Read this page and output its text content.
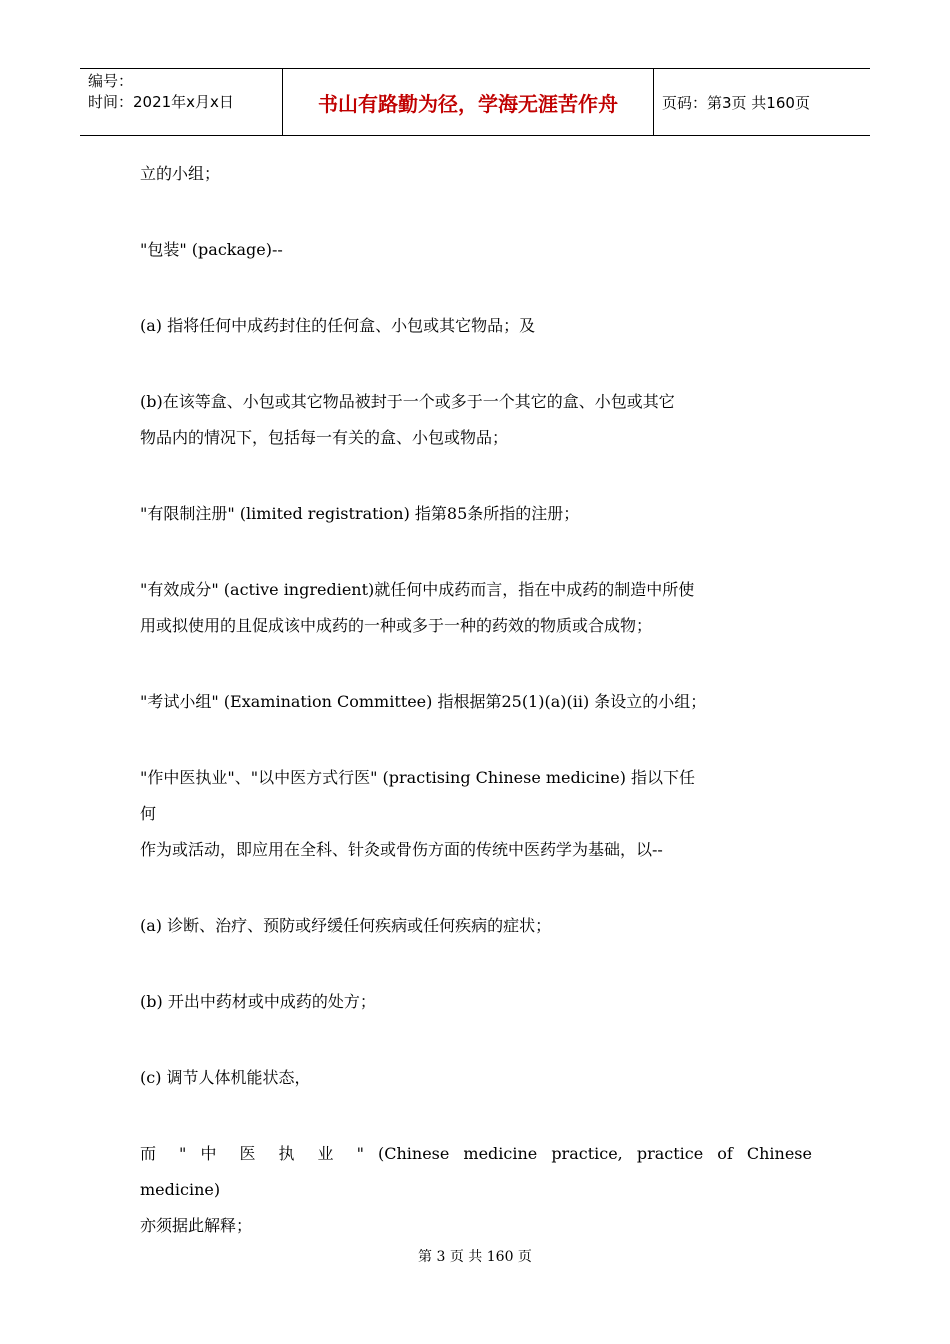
编号：
时间：2021年x月x日	书山有路勤为径，学海无涯苦作舟	页码：第3页 共160页

立的小组；

"包装" (package)--

(a) 指将任何中成药封住的任何盒、小包或其它物品；及

(b)在该等盒、小包或其它物品被封于一个或多于一个其它的盒、小包或其它
物品内的情况下，包括每一有关的盒、小包或物品；

"有限制注册" (limited registration) 指第85条所指的注册；

"有效成分" (active ingredient)就任何中成药而言，指在中成药的制造中所使
用或拟使用的且促成该中成药的一种或多于一种的药效的物质或合成物；

"考试小组" (Examination Committee) 指根据第25(1)(a)(ii) 条设立的小组；

"作中医执业"、"以中医方式行医" (practising Chinese medicine) 指以下任
何
作为或活动，即应用在全科、针灸或骨伤方面的传统中医药学为基础，以--

(a) 诊断、治疗、预防或纾缓任何疾病或任何疾病的症状；

(b) 开出中药材或中成药的处方；

(c) 调节人体机能状态，

而 " 中 医 执 业 " (Chinese medicine practice, practice of Chinese
medicine)
亦须据此解释；

第 3 页 共 160 页
